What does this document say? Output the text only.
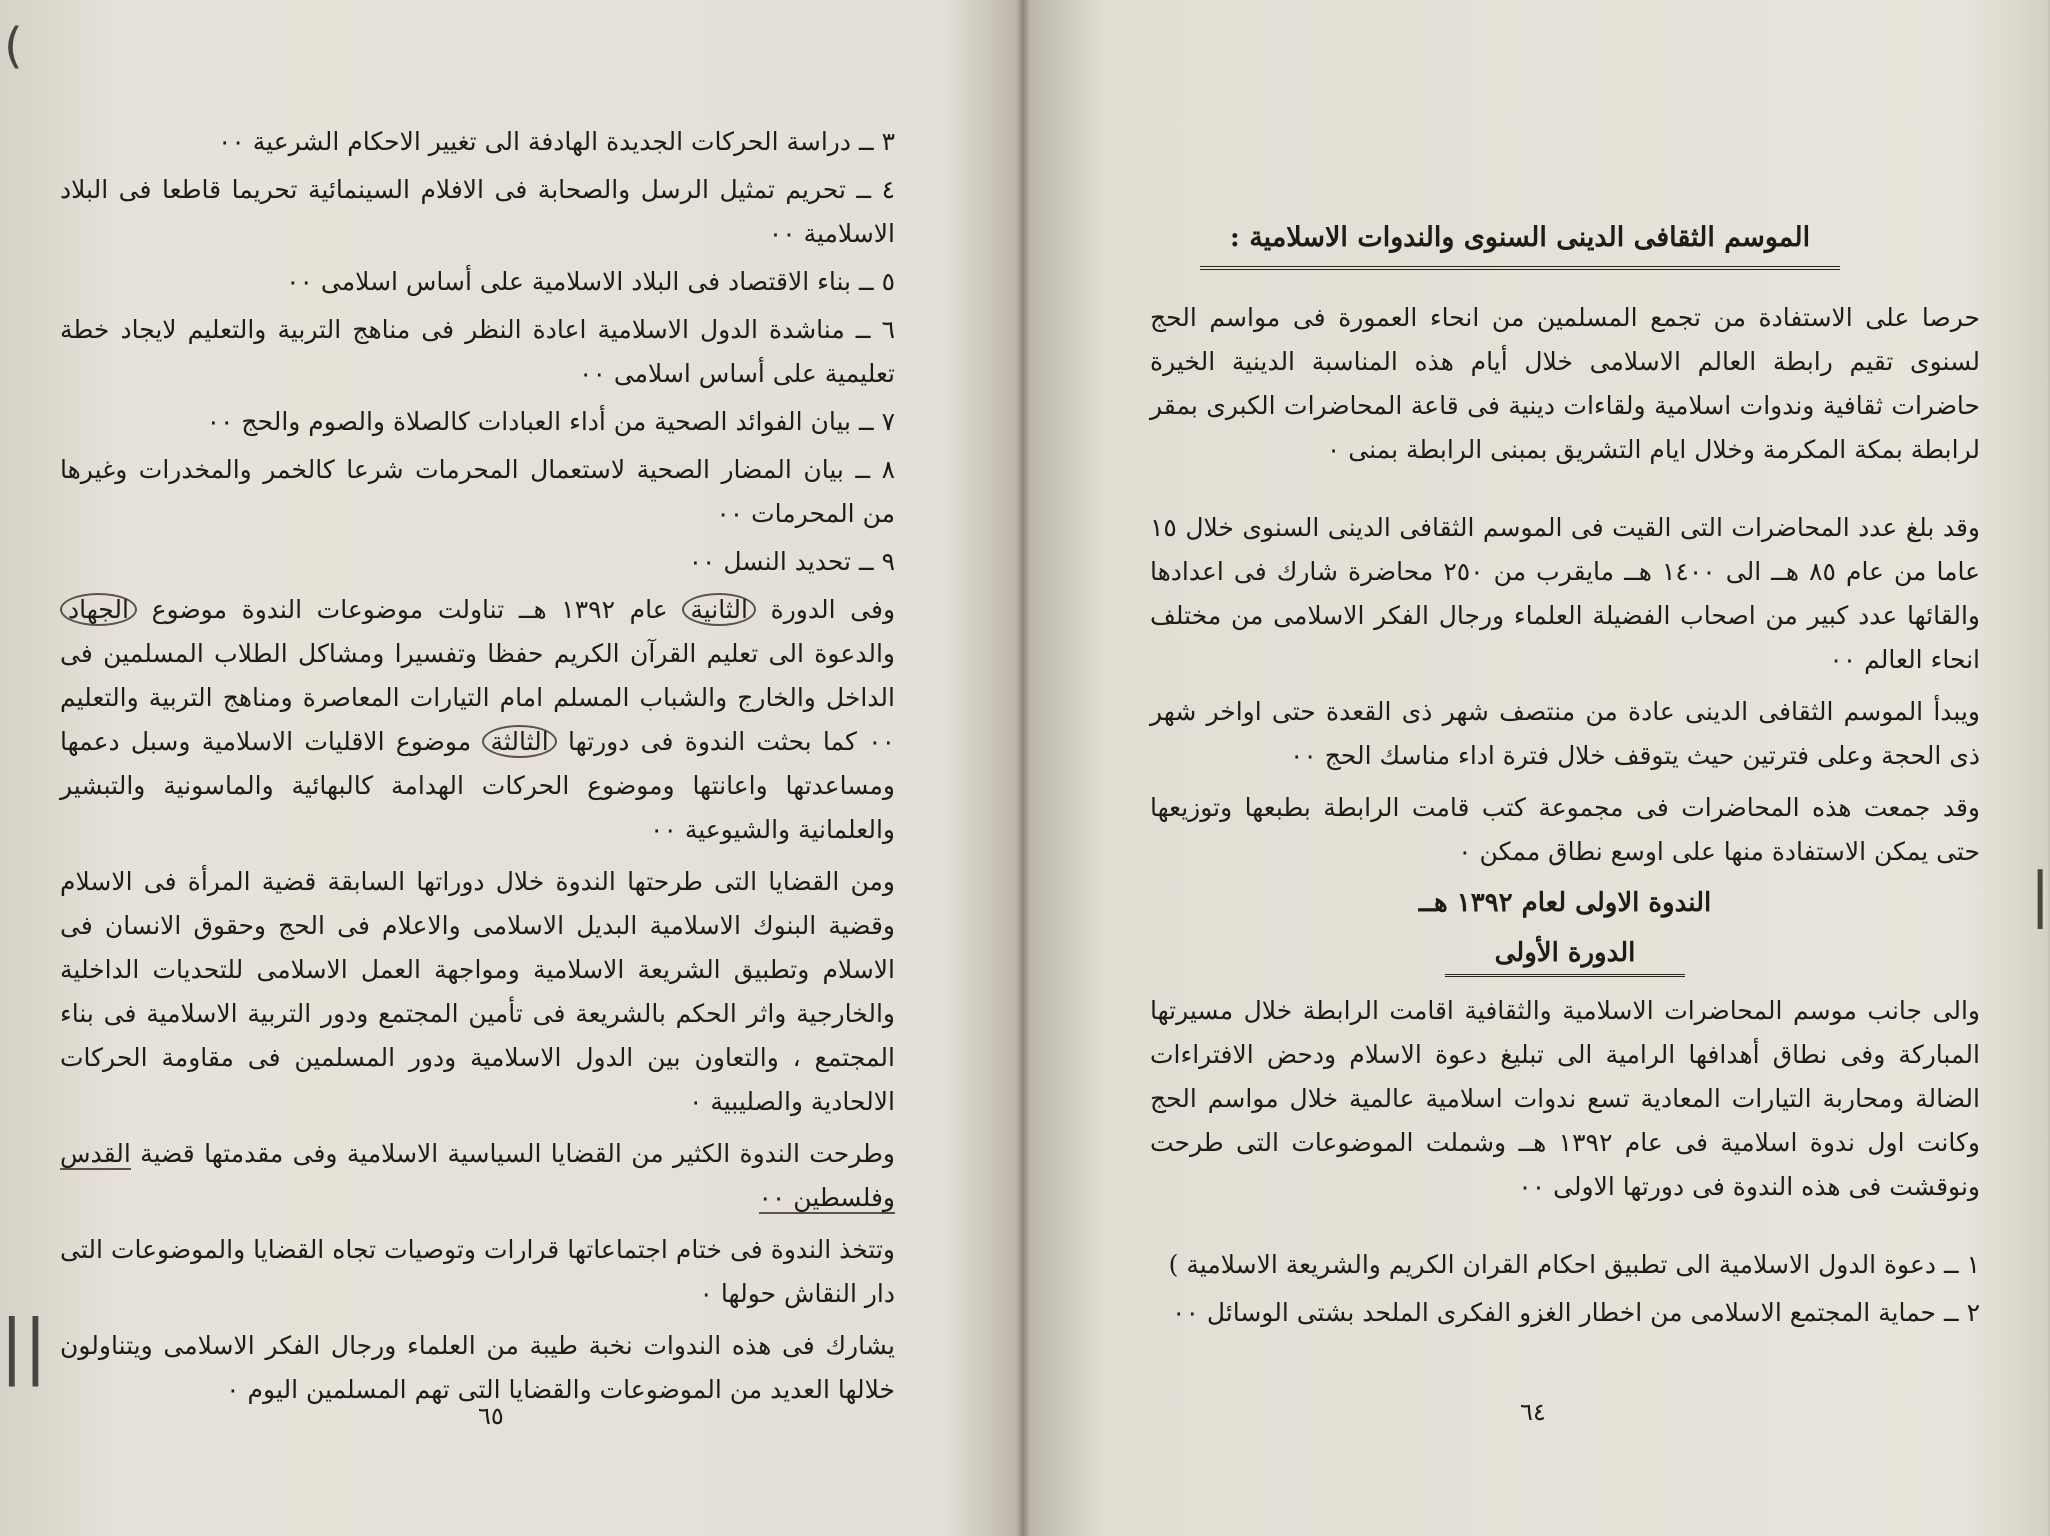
(
||
|

٣ ــ دراسة الحركات الجديدة الهادفة الى تغيير الاحكام الشرعية ٠٠

٤ ــ تحريم تمثيل الرسل والصحابة فى الافلام السينمائية تحريما قاطعا فى البلاد الاسلامية ٠٠

٥ ــ بناء الاقتصاد فى البلاد الاسلامية على أساس اسلامى ٠٠

٦ ــ مناشدة الدول الاسلامية اعادة النظر فى مناهج التربية والتعليم لايجاد خطة تعليمية على أساس اسلامى ٠٠

٧ ــ بيان الفوائد الصحية من أداء العبادات كالصلاة والصوم والحج ٠٠

٨ ــ بيان المضار الصحية لاستعمال المحرمات شرعا كالخمر والمخدرات وغيرها من المحرمات ٠٠

٩ ــ تحديد النسل ٠٠

وفى الدورة الثانية عام ١٣٩٢ هــ تناولت موضوعات الندوة موضوع الجهاد والدعوة الى تعليم القرآن الكريم حفظا وتفسيرا ومشاكل الطلاب المسلمين فى الداخل والخارج والشباب المسلم امام التيارات المعاصرة ومناهج التربية والتعليم ٠٠ كما بحثت الندوة فى دورتها الثالثة موضوع الاقليات الاسلامية وسبل دعمها ومساعدتها واعانتها وموضوع الحركات الهدامة كالبهائية والماسونية والتبشير والعلمانية والشيوعية ٠٠

ومن القضايا التى طرحتها الندوة خلال دوراتها السابقة قضية المرأة فى الاسلام وقضية البنوك الاسلامية البديل الاسلامى والاعلام فى الحج وحقوق الانسان فى الاسلام وتطبيق الشريعة الاسلامية ومواجهة العمل الاسلامى للتحديات الداخلية والخارجية واثر الحكم بالشريعة فى تأمين المجتمع ودور التربية الاسلامية فى بناء المجتمع ، والتعاون بين الدول الاسلامية ودور المسلمين فى مقاومة الحركات الالحادية والصليبية ٠

وطرحت الندوة الكثير من القضايا السياسية الاسلامية وفى مقدمتها قضية القدس وفلسطين ٠٠

وتتخذ الندوة فى ختام اجتماعاتها قرارات وتوصيات تجاه القضايا والموضوعات التى دار النقاش حولها ٠

يشارك فى هذه الندوات نخبة طيبة من العلماء ورجال الفكر الاسلامى ويتناولون خلالها العديد من الموضوعات والقضايا التى تهم المسلمين اليوم ٠

٦٥
الموسم الثقافى الدينى السنوى والندوات الاسلامية :

حرصا على الاستفادة من تجمع المسلمين من انحاء العمورة فى مواسم الحج لسنوى تقيم رابطة العالم الاسلامى خلال أيام هذه المناسبة الدينية الخيرة حاضرات ثقافية وندوات اسلامية ولقاءات دينية فى قاعة المحاضرات الكبرى بمقر لرابطة بمكة المكرمة وخلال ايام التشريق بمبنى الرابطة بمنى ٠

وقد بلغ عدد المحاضرات التى القيت فى الموسم الثقافى الدينى السنوى خلال ١٥ عاما من عام ٨٥ هــ الى ١٤٠٠ هــ مايقرب من ٢٥٠ محاضرة شارك فى اعدادها والقائها عدد كبير من اصحاب الفضيلة العلماء ورجال الفكر الاسلامى من مختلف انحاء العالم ٠٠

ويبدأ الموسم الثقافى الدينى عادة من منتصف شهر ذى القعدة حتى اواخر شهر ذى الحجة وعلى فترتين حيث يتوقف خلال فترة اداء مناسك الحج ٠٠

وقد جمعت هذه المحاضرات فى مجموعة كتب قامت الرابطة بطبعها وتوزيعها حتى يمكن الاستفادة منها على اوسع نطاق ممكن ٠

الندوة الاولى لعام ١٣٩٢ هــ

الدورة الأولى

والى جانب موسم المحاضرات الاسلامية والثقافية اقامت الرابطة خلال مسيرتها المباركة وفى نطاق أهدافها الرامية الى تبليغ دعوة الاسلام ودحض الافتراءات الضالة ومحاربة التيارات المعادية تسع ندوات اسلامية عالمية خلال مواسم الحج وكانت اول ندوة اسلامية فى عام ١٣٩٢ هــ وشملت الموضوعات التى طرحت ونوقشت فى هذه الندوة فى دورتها الاولى ٠٠

١ ــ دعوة الدول الاسلامية الى تطبيق احكام القران الكريم والشريعة الاسلامية )

٢ ــ حماية المجتمع الاسلامى من اخطار الغزو الفكرى الملحد بشتى الوسائل ٠٠

٦٤
